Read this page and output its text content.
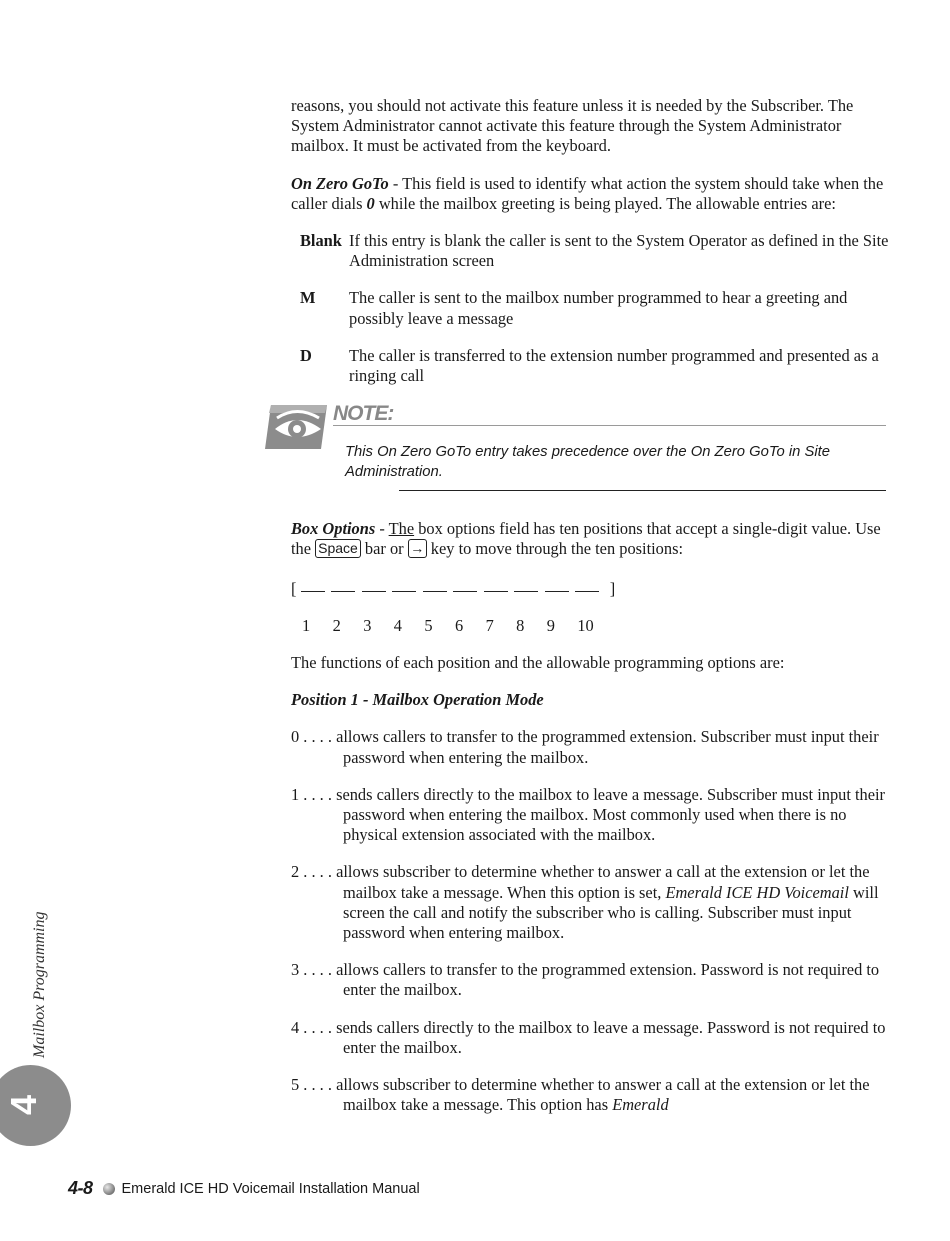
reasons, you should not activate this feature unless it is needed by the Subscriber. The System Administrator cannot activate this feature through the System Administrator mailbox. It must be activated from the keyboard.

On Zero GoTo - This field is used to identify what action the system should take when the caller dials 0 while the mailbox greeting is being played. The allowable entries are:

Blank If this entry is blank the caller is sent to the System Operator as defined in the Site Administration screen
M	The caller is sent to the mailbox number programmed to hear a greeting and possibly leave a message
D	The caller is transferred to the extension number programmed and presented as a ringing call
NOTE:
This On Zero GoTo entry takes precedence over the On Zero GoTo in Site Administration.

Box Options - The box options field has ten positions that accept a single-digit value. Use the Space bar or → key to move through the ten positions:

[	]
1	2	3	4	5	6	7	8	9	10

The functions of each position and the allowable programming options are:

Position 1 - Mailbox Operation Mode

0 . . . . allows callers to transfer to the programmed extension. Subscriber must input their password when entering the mailbox.

1 . . . . sends callers directly to the mailbox to leave a message. Subscriber must input their password when entering the mailbox. Most commonly used when there is no physical extension associated with the mailbox.

2 . . . . allows subscriber to determine whether to answer a call at the extension or let the mailbox take a message. When this option is set, Emerald ICE HD Voicemail will screen the call and notify the subscriber who is calling. Subscriber must input password when entering mailbox.

3 . . . . allows callers to transfer to the programmed extension. Password is not required to enter the mailbox.

4 . . . . sends callers directly to the mailbox to leave a message. Password is not required to enter the mailbox.

5 . . . . allows subscriber to determine whether to answer a call at the extension or let the mailbox take a message. This option has Emerald

Mailbox Programming
4
4-8 Emerald ICE HD Voicemail Installation Manual
